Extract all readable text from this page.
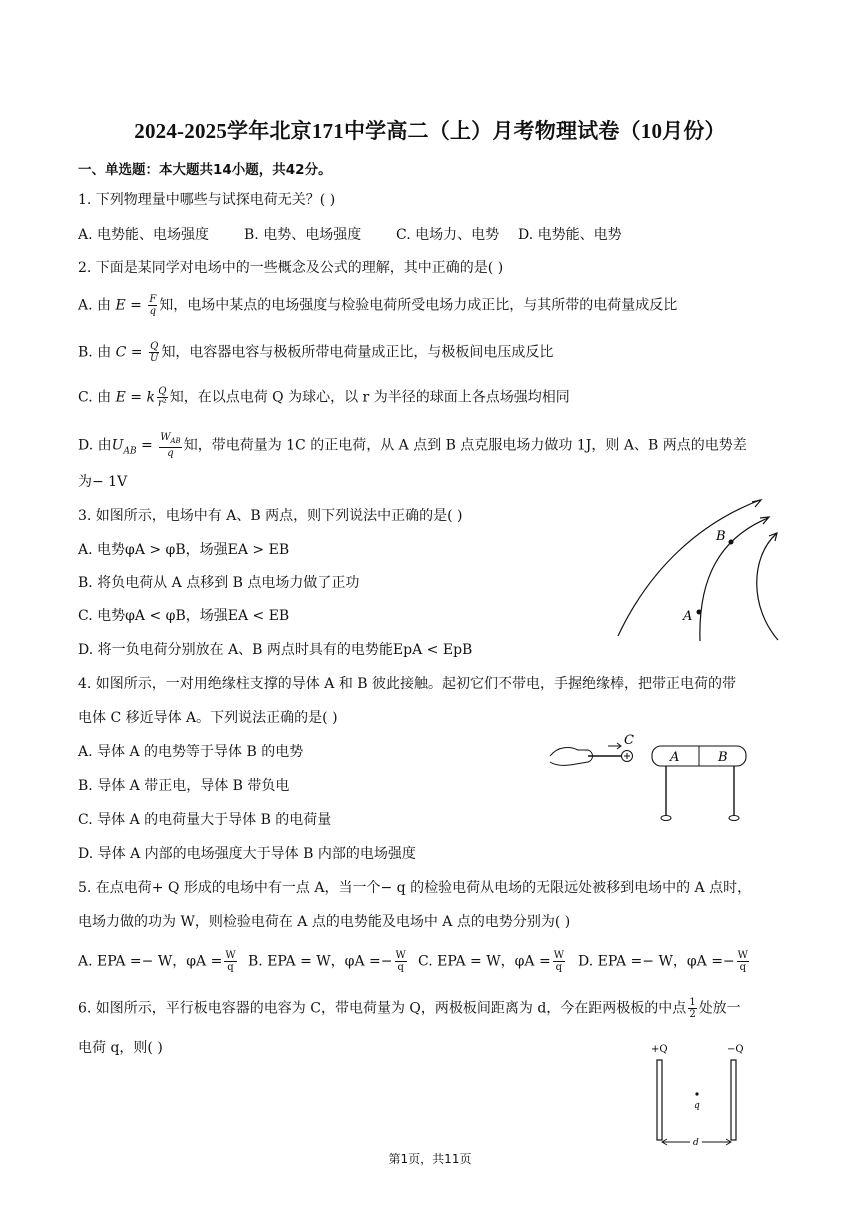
2024-2025学年北京171中学高二（上）月考物理试卷（10月份）
一、单选题：本大题共14小题，共42分。
1. 下列物理量中哪些与试探电荷无关？( )
A. 电势能、电场强度 B. 电势、电场强度 C. 电场力、电势 D. 电势能、电势
2. 下面是某同学对电场中的一些概念及公式的理解，其中正确的是( )
A. 由 $E = \frac{F}{q}$ 知，电场中某点的电场强度与检验电荷所受电场力成正比，与其所带的电荷量成反比
B. 由 $C = \frac{Q}{U}$ 知，电容器电容与极板所带电荷量成正比，与极板间电压成反比
C. 由 E = k $\frac{Q}{\text{r²}}$ 知，在以点电荷 Q 为球心，以 r 为半径的球面上各点场强均相同
D. 由$U_{AB} = \frac{W_{AB}}{q}$ 知，带电荷量为 1C 的正电荷，从 A 点到 B 点克服电场力做功 1J，则 A、B 两点的电势差
为− 1V
3. 如图所示，电场中有 A、B 两点，则下列说法中正确的是( )
A. 电势φA > φB，场强EA > EB
B. 将负电荷从 A 点移到 B 点电场力做了正功
C. 电势φA < φB，场强EA < EB
D. 将一负电荷分别放在 A、B 两点时具有的电势能EpA < EpB
B
A
4. 如图所示，一对用绝缘柱支撑的导体 A 和 B 彼此接触。起初它们不带电，手握绝缘棒，把带正电荷的带
电体 C 移近导体 A。下列说法正确的是( )
A. 导体 A 的电势等于导体 B 的电势
B. 导体 A 带正电，导体 B 带负电
C. 导体 A 的电荷量大于导体 B 的电荷量
D. 导体 A 内部的电场强度大于导体 B 内部的电场强度
C
A	B
5. 在点电荷+ Q 形成的电场中有一点 A，当一个− q 的检验电荷从电场的无限远处被移到电场中的 A 点时，
电场力做的功为 W，则检验电荷在 A 点的电势能及电场中 A 点的电势分别为( )
A. EPA =− W，$\varphi A = \frac{W}{q} B$. EPA = W，$\varphi A =- \frac{W}{q} C$. EPA = W，$\varphi A = \frac{W}{q} D$. EPA =− W，$\varphi A =- \frac{W}{q}$
6. 如图所示，平行板电容器的电容为 C，带电荷量为 Q，两极板间距离为 d，今在距两极板的中点 $\frac{1}{2}$ 处放一
电荷 q，则( )	+Q	−Q
q
d
第1页，共11页
